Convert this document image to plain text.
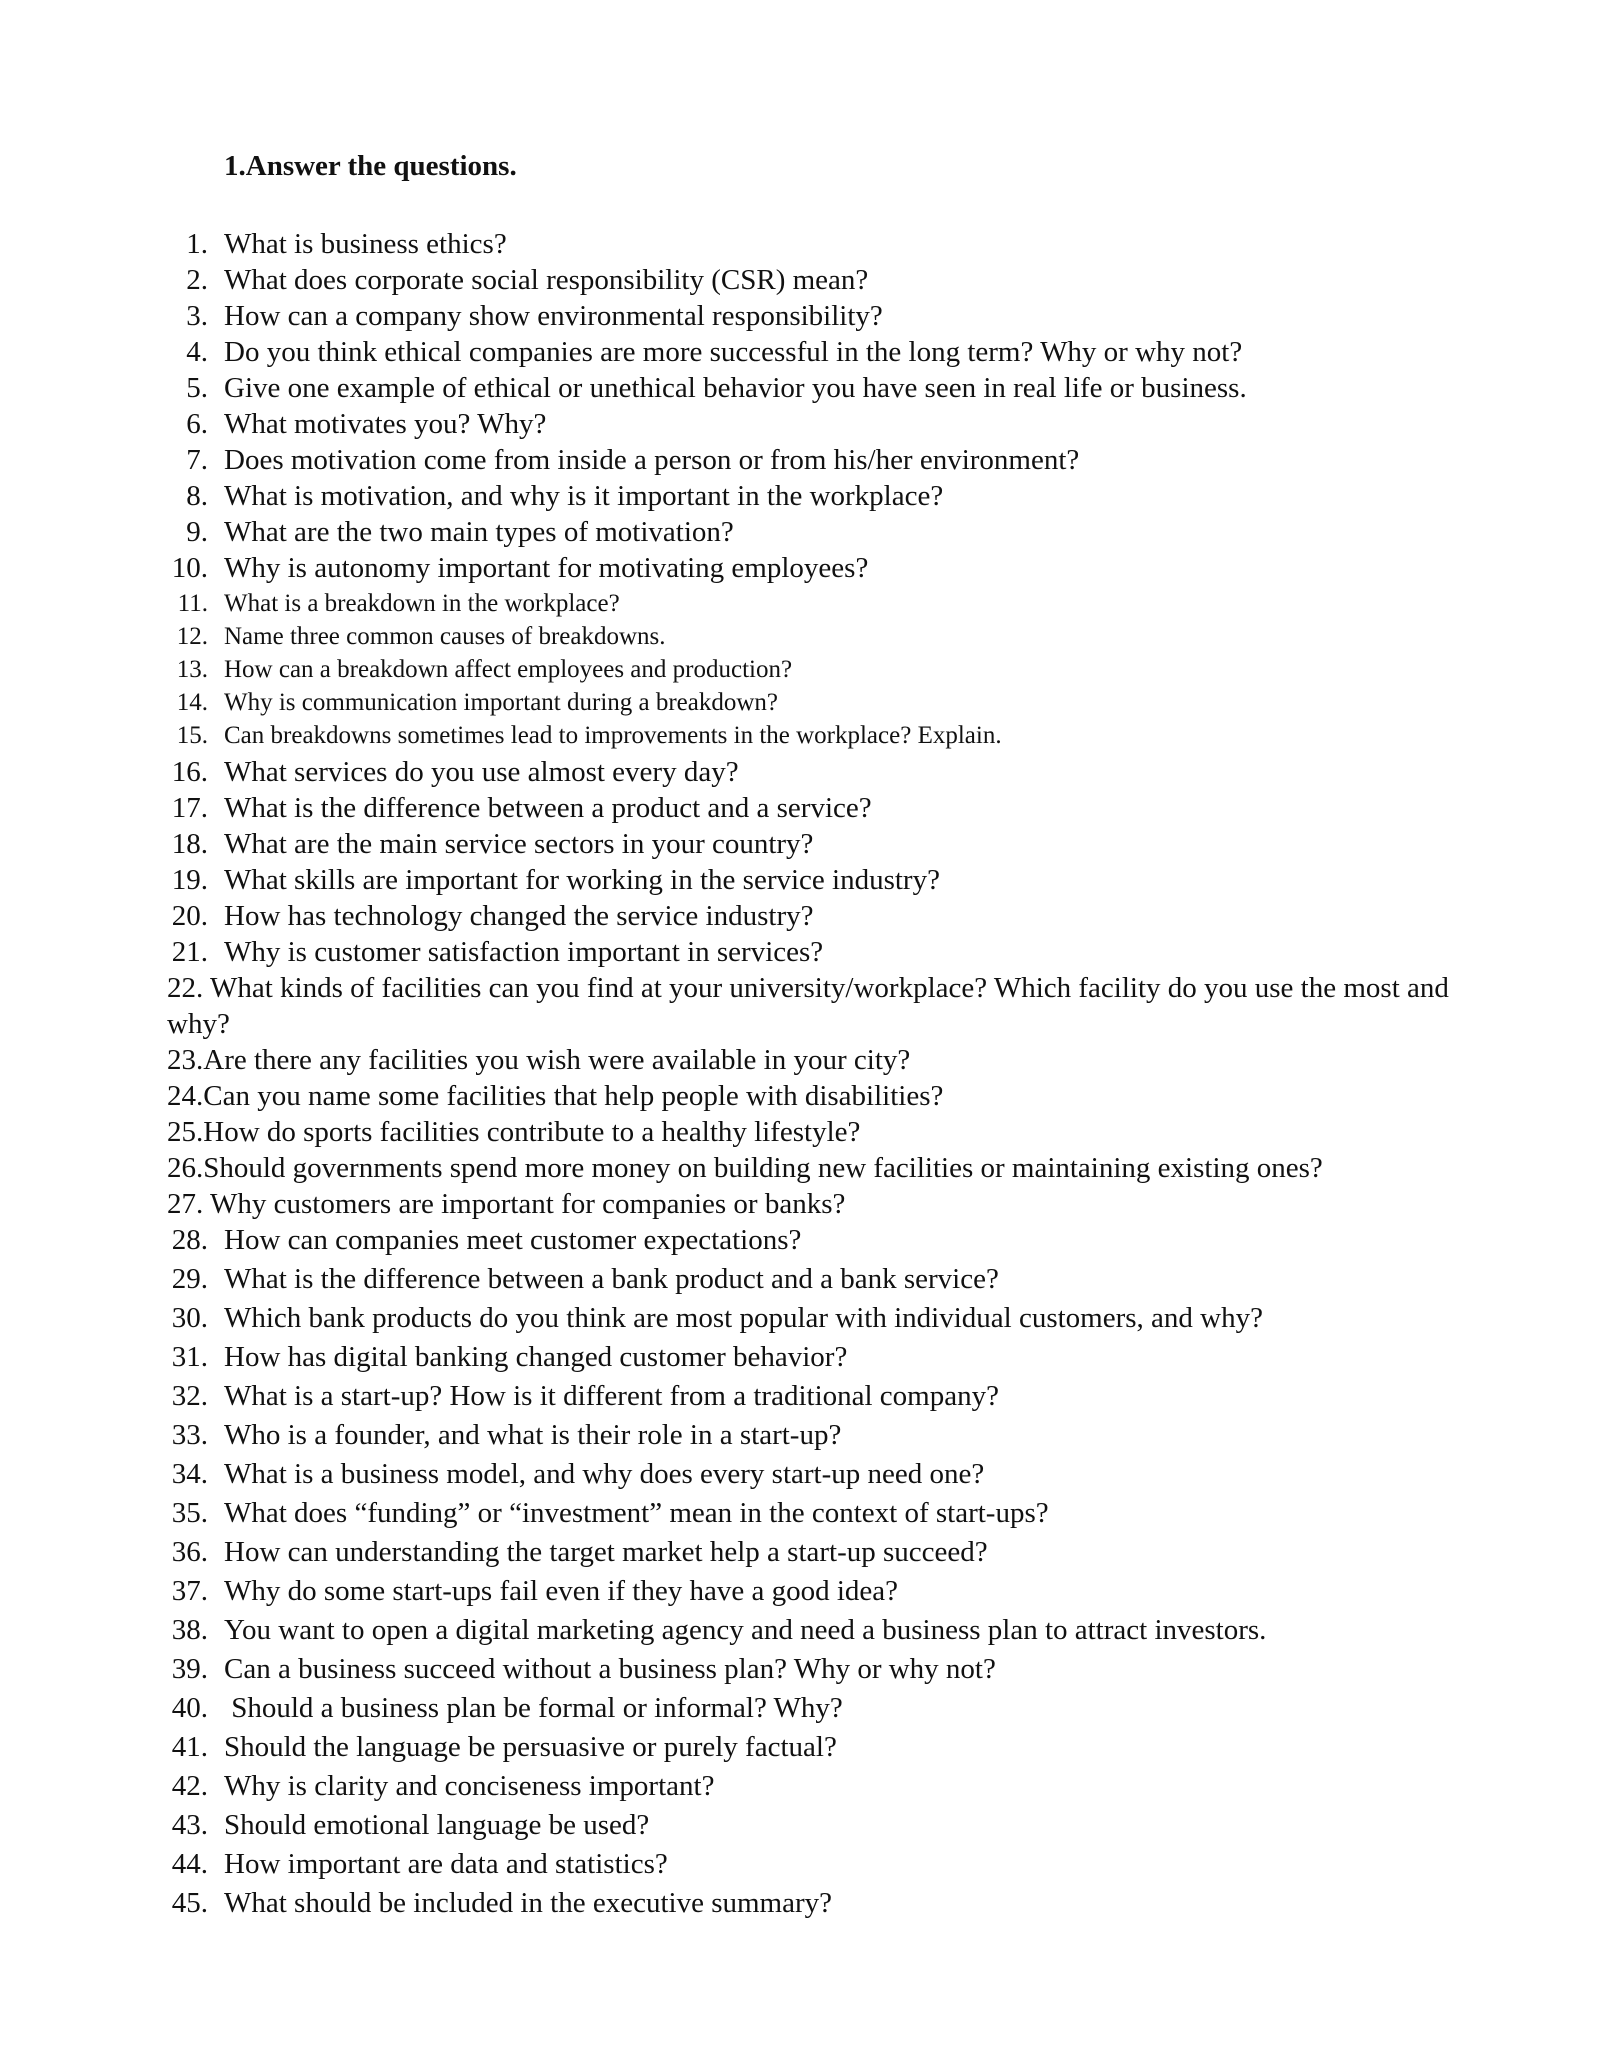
1.Answer the questions.
1. What is business ethics?
2. What does corporate social responsibility (CSR) mean?
3. How can a company show environmental responsibility?
4. Do you think ethical companies are more successful in the long term? Why or why not?
5. Give one example of ethical or unethical behavior you have seen in real life or business.
6. What motivates you? Why?
7. Does motivation come from inside a person or from his/her environment?
8. What is motivation, and why is it important in the workplace?
9. What are the two main types of motivation?
10. Why is autonomy important for motivating employees?
11. What is a breakdown in the workplace?
12. Name three common causes of breakdowns.
13. How can a breakdown affect employees and production?
14. Why is communication important during a breakdown?
15. Can breakdowns sometimes lead to improvements in the workplace? Explain.
16. What services do you use almost every day?
17. What is the difference between a product and a service?
18. What are the main service sectors in your country?
19. What skills are important for working in the service industry?
20. How has technology changed the service industry?
21. Why is customer satisfaction important in services?
22. What kinds of facilities can you find at your university/workplace? Which facility do you use the most and why?
23.Are there any facilities you wish were available in your city?
24.Can you name some facilities that help people with disabilities?
25.How do sports facilities contribute to a healthy lifestyle?
26.Should governments spend more money on building new facilities or maintaining existing ones?
27. Why customers are important for companies or banks?
28. How can companies meet customer expectations?
29. What is the difference between a bank product and a bank service?
30. Which bank products do you think are most popular with individual customers, and why?
31. How has digital banking changed customer behavior?
32. What is a start-up? How is it different from a traditional company?
33. Who is a founder, and what is their role in a start-up?
34. What is a business model, and why does every start-up need one?
35. What does “funding” or “investment” mean in the context of start-ups?
36. How can understanding the target market help a start-up succeed?
37. Why do some start-ups fail even if they have a good idea?
38. You want to open a digital marketing agency and need a business plan to attract investors.
39. Can a business succeed without a business plan? Why or why not?
40. Should a business plan be formal or informal? Why?
41. Should the language be persuasive or purely factual?
42. Why is clarity and conciseness important?
43. Should emotional language be used?
44. How important are data and statistics?
45. What should be included in the executive summary?
